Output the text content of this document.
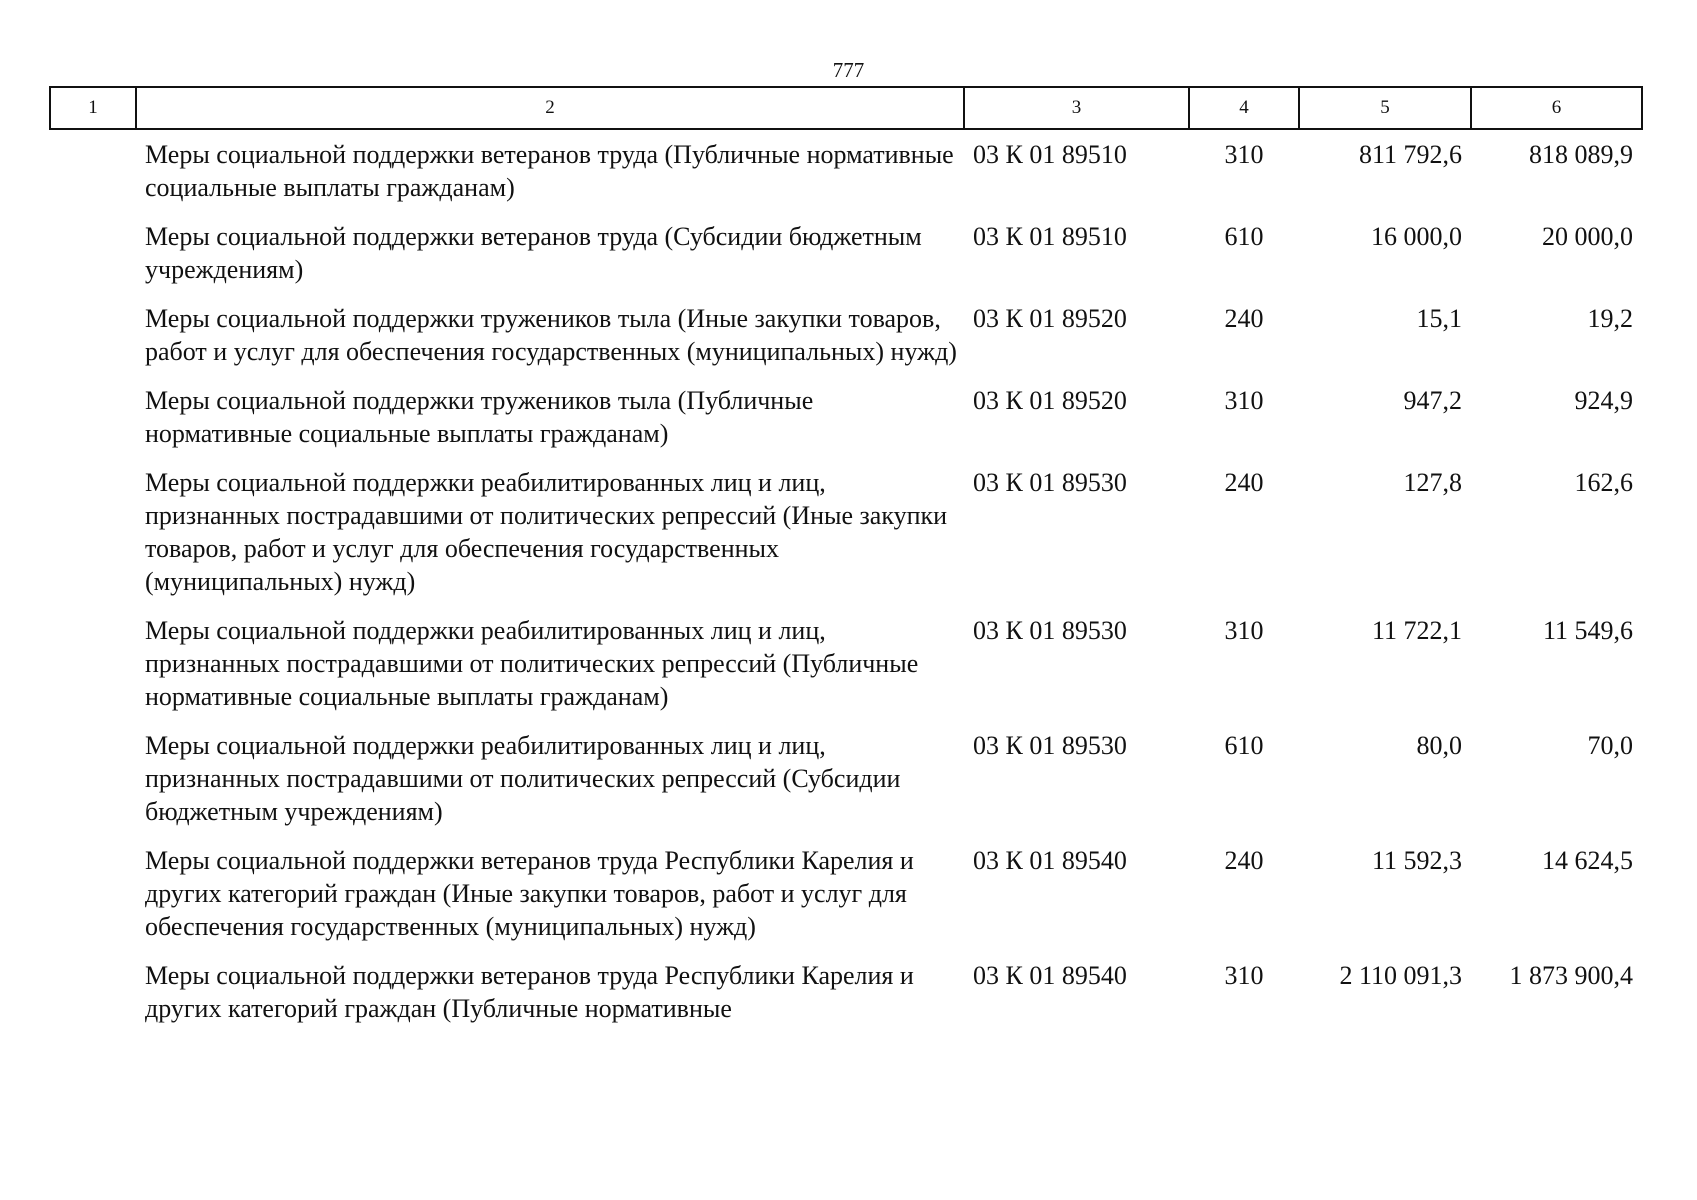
777
1	2	3	4	5	6
	Меры социальной поддержки ветеранов труда (Публичные нормативные социальные выплаты гражданам)	03 К 01 89510	310	811 792,6	818 089,9
	Меры социальной поддержки ветеранов труда (Субсидии бюджетным учреждениям)	03 К 01 89510	610	16 000,0	20 000,0
	Меры социальной поддержки тружеников тыла (Иные закупки товаров, работ и услуг для обеспечения государственных (муниципальных) нужд)	03 К 01 89520	240	15,1	19,2
	Меры социальной поддержки тружеников тыла (Публичные нормативные социальные выплаты гражданам)	03 К 01 89520	310	947,2	924,9
	Меры социальной поддержки реабилитированных лиц и лиц, признанных пострадавшими от политических репрессий (Иные закупки товаров, работ и услуг для обеспечения государственных (муниципальных) нужд)	03 К 01 89530	240	127,8	162,6
	Меры социальной поддержки реабилитированных лиц и лиц, признанных пострадавшими от политических репрессий (Публичные нормативные социальные выплаты гражданам)	03 К 01 89530	310	11 722,1	11 549,6
	Меры социальной поддержки реабилитированных лиц и лиц, признанных пострадавшими от политических репрессий (Субсидии бюджетным учреждениям)	03 К 01 89530	610	80,0	70,0
	Меры социальной поддержки ветеранов труда Республики Карелия и других категорий граждан (Иные закупки товаров, работ и услуг для обеспечения государственных (муниципальных) нужд)	03 К 01 89540	240	11 592,3	14 624,5
	Меры социальной поддержки ветеранов труда Республики Карелия и других категорий граждан (Публичные нормативные	03 К 01 89540	310	2 110 091,3	1 873 900,4
